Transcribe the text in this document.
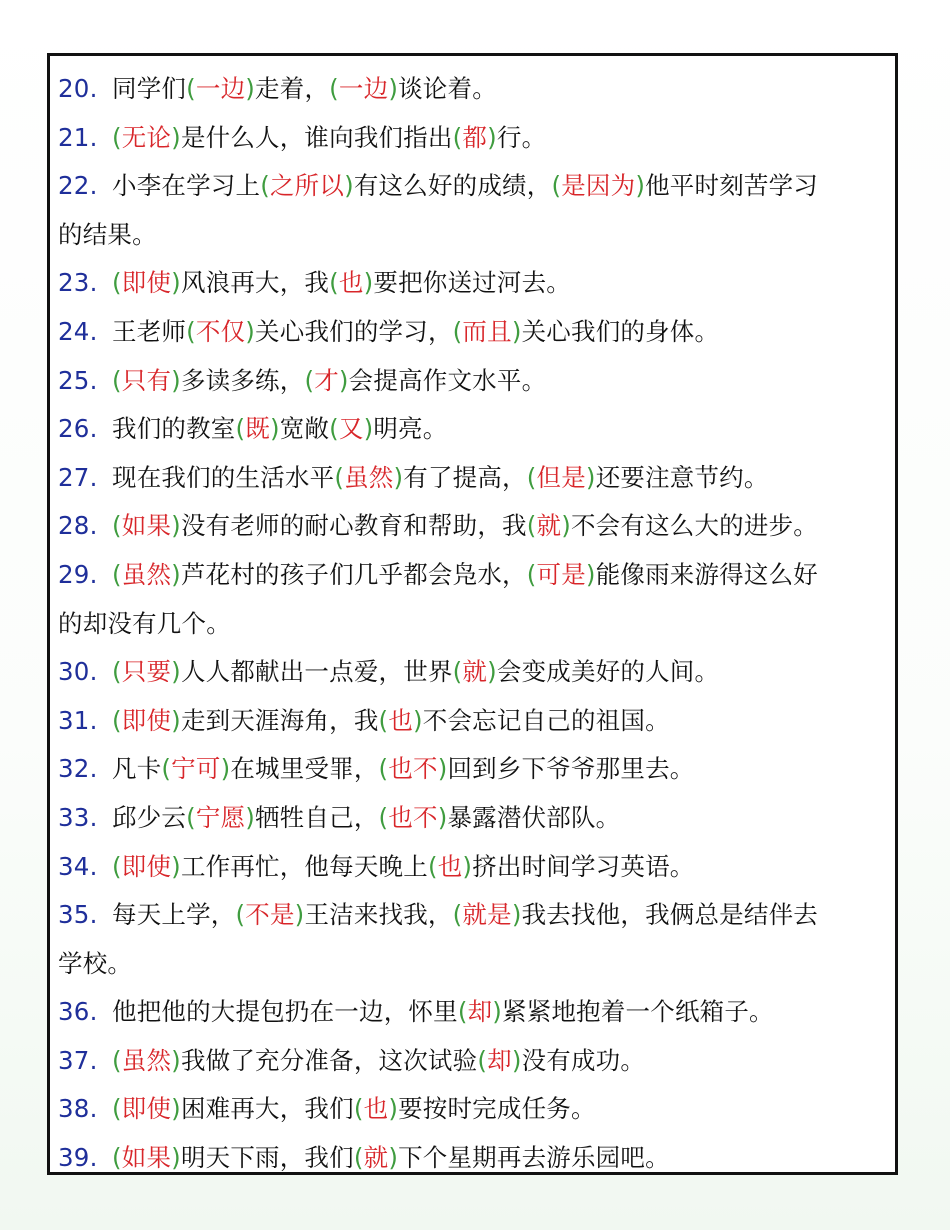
20. 同学们(一边)走着，(一边)谈论着。
21. (无论)是什么人，谁向我们指出(都)行。
22. 小李在学习上(之所以)有这么好的成绩，(是因为)他平时刻苦学习
的结果。
23. (即使)风浪再大，我(也)要把你送过河去。
24. 王老师(不仅)关心我们的学习，(而且)关心我们的身体。
25. (只有)多读多练，(才)会提高作文水平。
26. 我们的教室(既)宽敞(又)明亮。
27. 现在我们的生活水平(虽然)有了提高，(但是)还要注意节约。
28. (如果)没有老师的耐心教育和帮助，我(就)不会有这么大的进步。
29. (虽然)芦花村的孩子们几乎都会凫水，(可是)能像雨来游得这么好
的却没有几个。
30. (只要)人人都献出一点爱，世界(就)会变成美好的人间。
31. (即使)走到天涯海角，我(也)不会忘记自己的祖国。
32. 凡卡(宁可)在城里受罪，(也不)回到乡下爷爷那里去。
33. 邱少云(宁愿)牺牲自己，(也不)暴露潜伏部队。
34. (即使)工作再忙，他每天晚上(也)挤出时间学习英语。
35. 每天上学，(不是)王洁来找我，(就是)我去找他，我俩总是结伴去
学校。
36. 他把他的大提包扔在一边，怀里(却)紧紧地抱着一个纸箱子。
37. (虽然)我做了充分准备，这次试验(却)没有成功。
38. (即使)困难再大，我们(也)要按时完成任务。
39. (如果)明天下雨，我们(就)下个星期再去游乐园吧。
